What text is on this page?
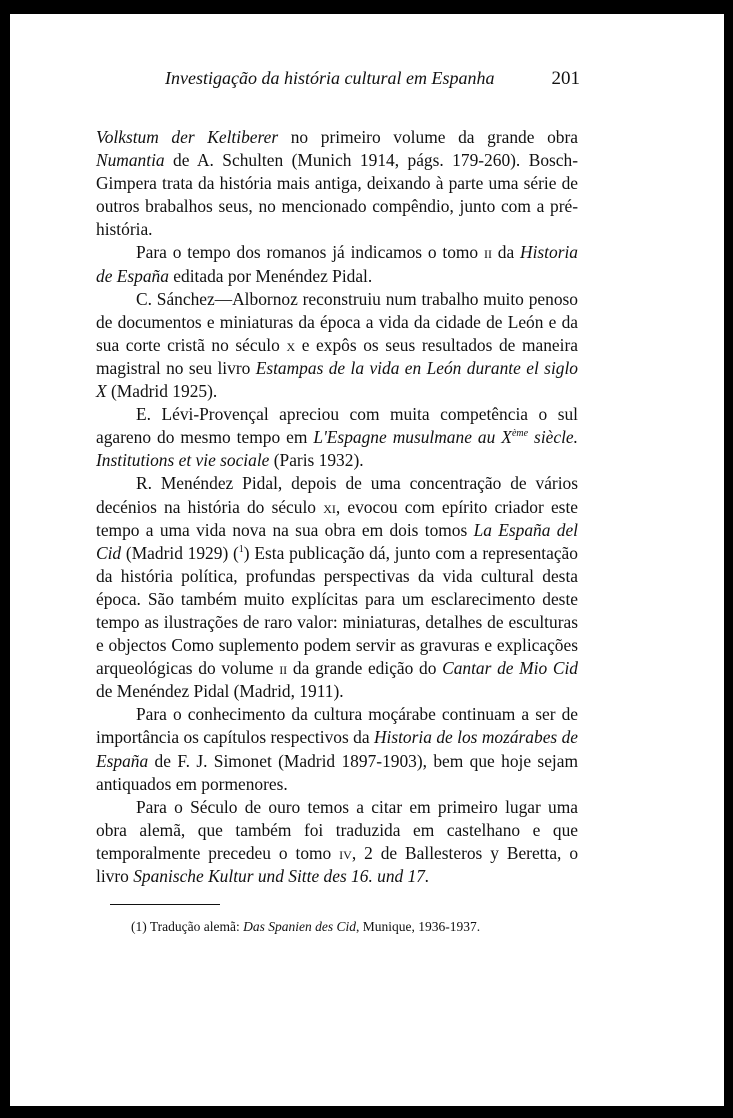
Investigação da história cultural em Espanha	201

Volkstum der Keltiberer no primeiro volume da grande obra Numantia de A. Schulten (Munich 1914, págs. 179-260). Bosch-Gimpera trata da história mais antiga, deixando à parte uma série de outros brabalhos seus, no mencionado compêndio, junto com a pré-história.

Para o tempo dos romanos já indicamos o tomo ii da Historia de España editada por Menéndez Pidal.

C. Sánchez—Albornoz reconstruiu num trabalho muito penoso de documentos e miniaturas da época a vida da cidade de León e da sua corte cristã no século x e expôs os seus resultados de maneira magistral no seu livro Estampas de la vida en León durante el siglo X (Madrid 1925).

E. Lévi-Provençal apreciou com muita competência o sul agareno do mesmo tempo em L'Espagne musulmane au Xème siècle. Institutions et vie sociale (Paris 1932).

R. Menéndez Pidal, depois de uma concentração de vários decénios na história do século xi, evocou com epírito criador este tempo a uma vida nova na sua obra em dois tomos La España del Cid (Madrid 1929) ($^1$) Esta publicação dá, junto com a representação da história política, profundas perspectivas da vida cultural desta época. São também muito explícitas para um esclarecimento deste tempo as ilustrações de raro valor: miniaturas, detalhes de esculturas e objectos Como suplemento podem servir as gravuras e explicações arqueológicas do volume ii da grande edição do Cantar de Mio Cid de Menéndez Pidal (Madrid, 1911).

Para o conhecimento da cultura moçárabe continuam a ser de importância os capítulos respectivos da Historia de los mozárabes de España de F. J. Simonet (Madrid 1897-1903), bem que hoje sejam antiquados em pormenores.

Para o Século de ouro temos a citar em primeiro lugar uma obra alemã, que também foi traduzida em castelhano e que temporalmente precedeu o tomo iv, 2 de Ballesteros y Beretta, o livro Spanische Kultur und Sitte des 16. und 17.

(1) Tradução alemã: Das Spanien des Cid, Munique, 1936-1937.
